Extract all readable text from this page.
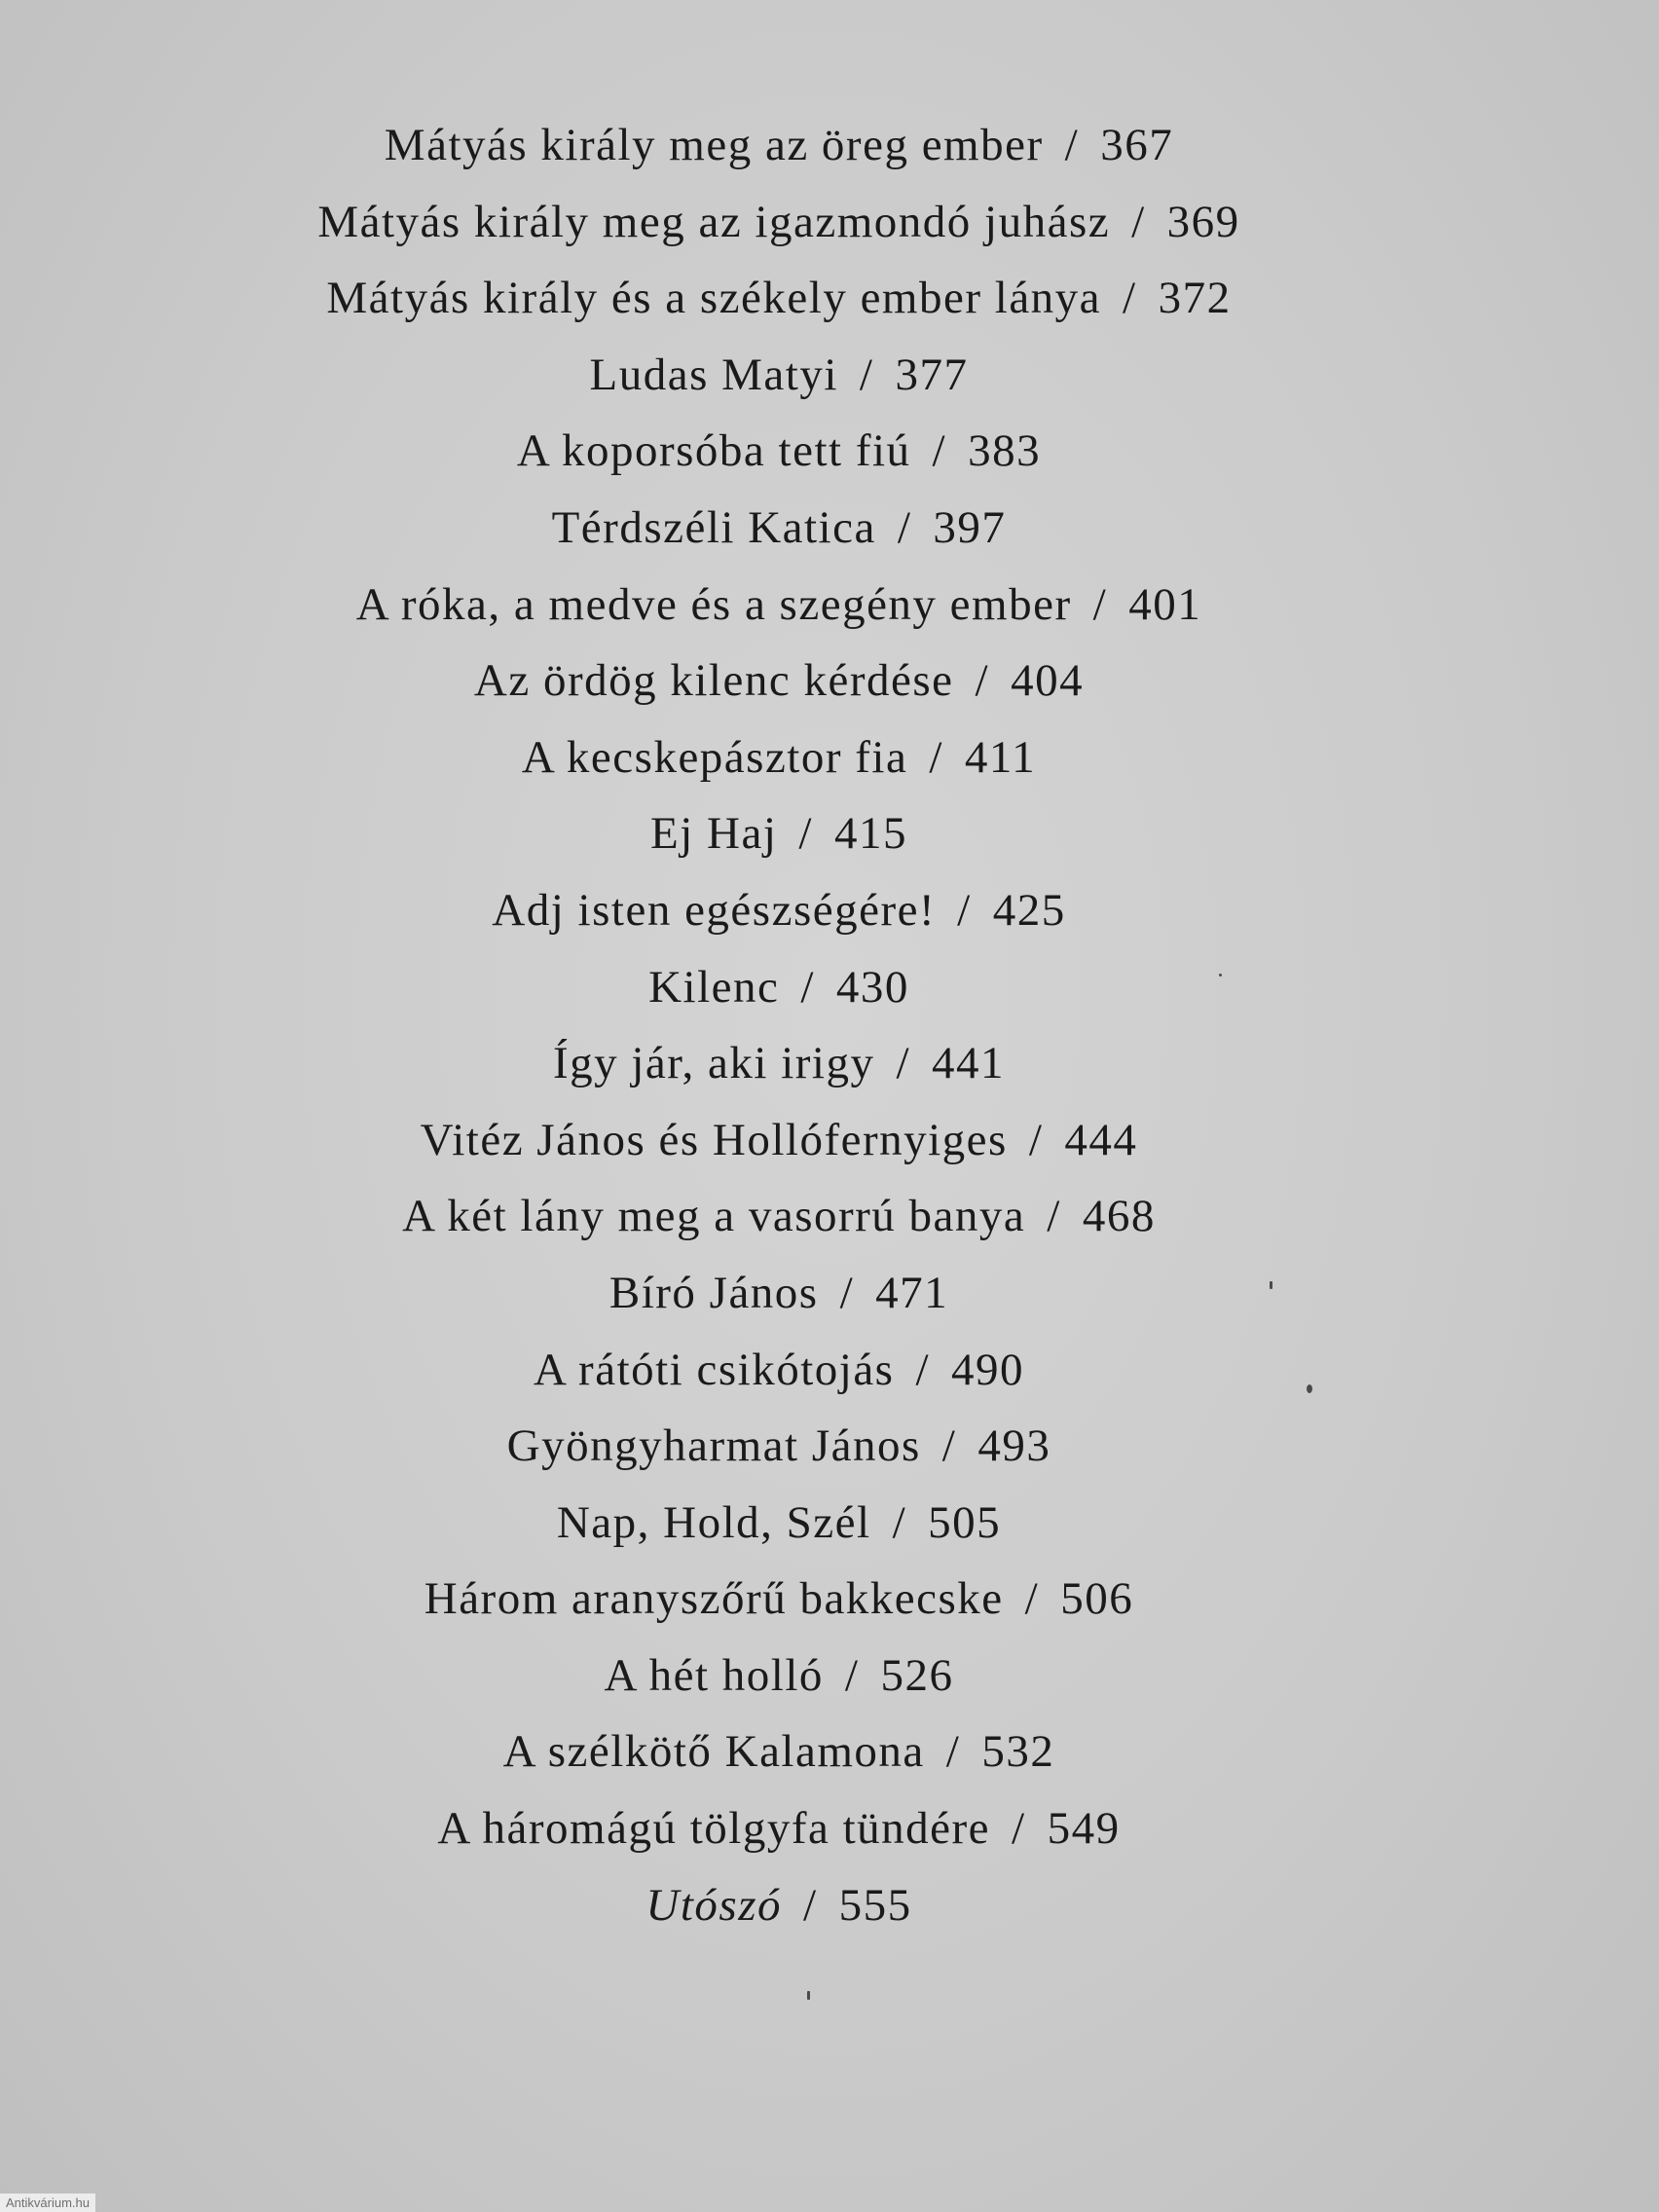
Mátyás király meg az öreg ember / 367
Mátyás király meg az igazmondó juhász / 369
Mátyás király és a székely ember lánya / 372
Ludas Matyi / 377
A koporsóba tett fiú / 383
Térdszéli Katica / 397
A róka, a medve és a szegény ember / 401
Az ördög kilenc kérdése / 404
A kecskepásztor fia / 411
Ej Haj / 415
Adj isten egészségére! / 425
Kilenc / 430
Így jár, aki irigy / 441
Vitéz János és Hollófernyiges / 444
A két lány meg a vasorrú banya / 468
Bíró János / 471
A rátóti csikótojás / 490
Gyöngyharmat János / 493
Nap, Hold, Szél / 505
Három aranyszőrű bakkecske / 506
A hét holló / 526
A szélkötő Kalamona / 532
A háromágú tölgyfa tündére / 549
Utószó / 555
Antikvárium.hu
